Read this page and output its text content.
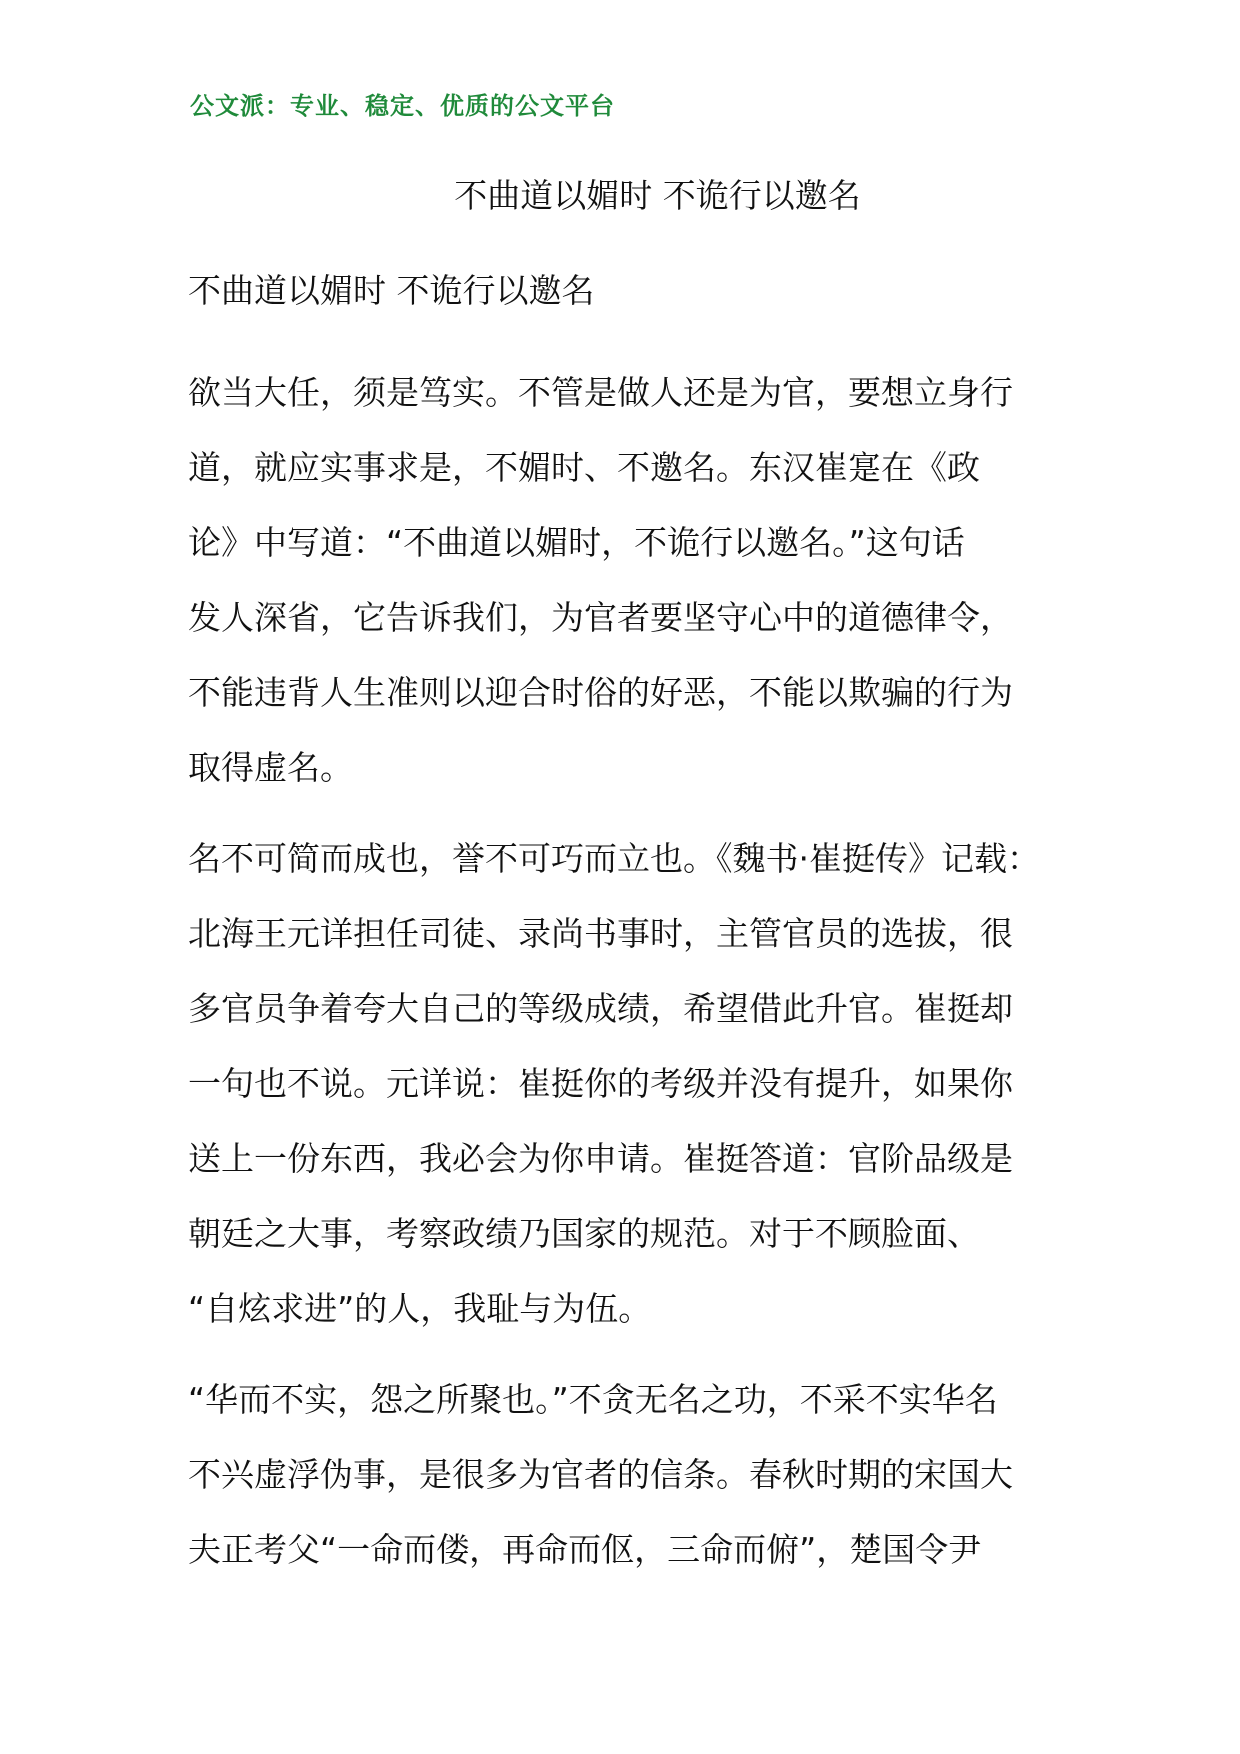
公文派：专业、稳定、优质的公文平台
不曲道以媚时 不诡行以邀名
不曲道以媚时 不诡行以邀名
欲当大任，须是笃实。不管是做人还是为官，要想立身行
道，就应实事求是，不媚时、不邀名。东汉崔寔在《政
论》中写道：“不曲道以媚时，不诡行以邀名。”这句话
发人深省，它告诉我们，为官者要坚守心中的道德律令，
不能违背人生准则以迎合时俗的好恶，不能以欺骗的行为
取得虚名。
名不可简而成也，誉不可巧而立也。《魏书·崔挺传》记载：
北海王元详担任司徒、录尚书事时，主管官员的选拔，很
多官员争着夸大自己的等级成绩，希望借此升官。崔挺却
一句也不说。元详说：崔挺你的考级并没有提升，如果你
送上一份东西，我必会为你申请。崔挺答道：官阶品级是
朝廷之大事，考察政绩乃国家的规范。对于不顾脸面、
“自炫求进”的人，我耻与为伍。
“华而不实，怨之所聚也。”不贪无名之功，不采不实华名
不兴虚浮伪事，是很多为官者的信条。春秋时期的宋国大
夫正考父“一命而偻，再命而伛，三命而俯”，楚国令尹
